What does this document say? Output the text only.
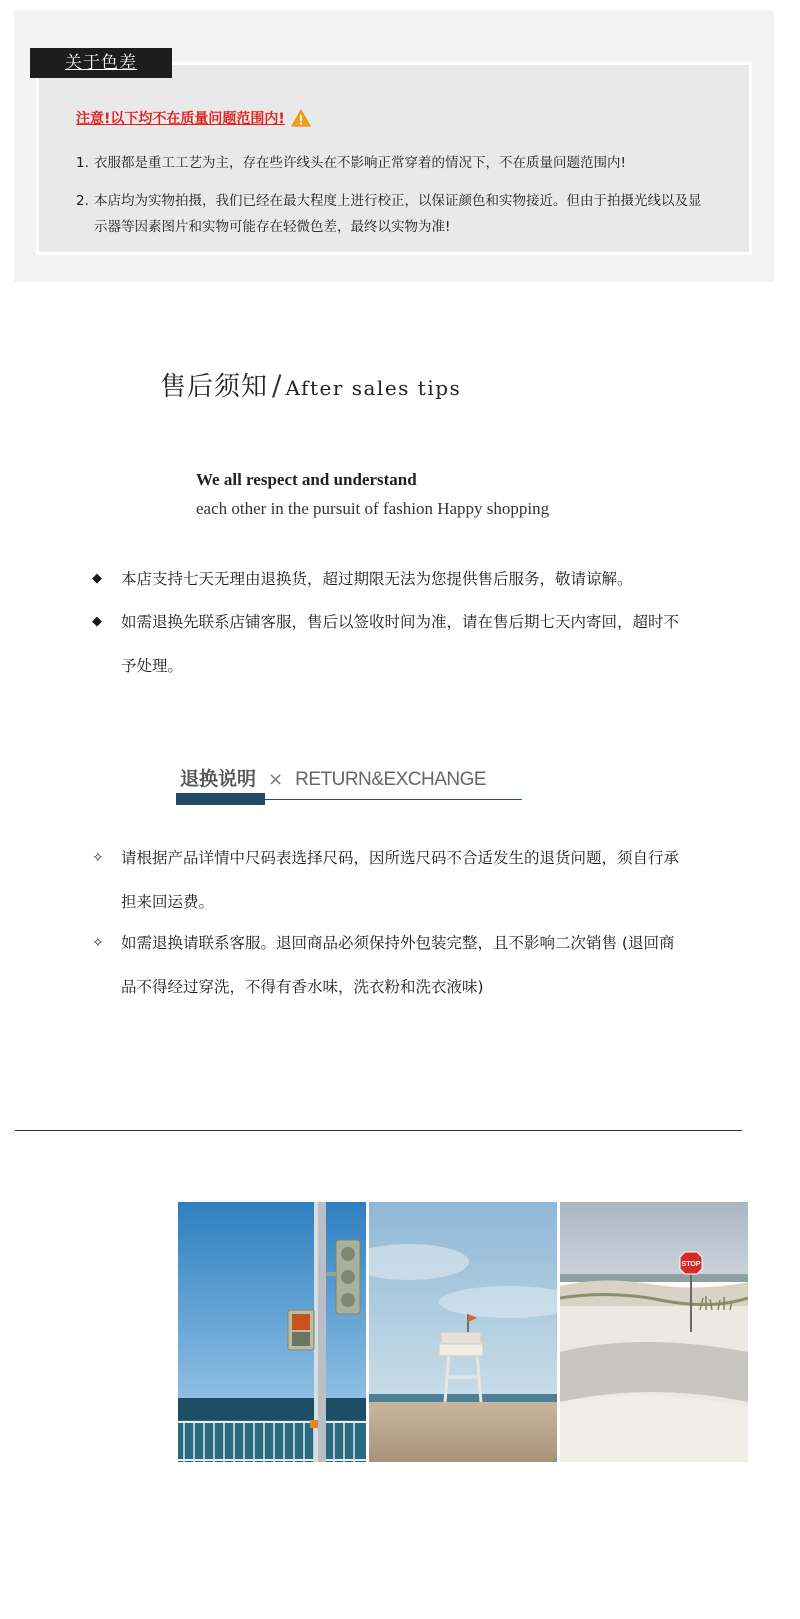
关于色差
注意!以下均不在质量问题范围内!
1. 衣服都是重工工艺为主，存在些许线头在不影响正常穿着的情况下，不在质量问题范围内!
2. 本店均为实物拍摄，我们已经在最大程度上进行校正，以保证颜色和实物接近。但由于拍摄光线以及显示器等因素图片和实物可能存在轻微色差，最终以实物为准!
售后须知 / After sales tips
We all respect and understand
each other in the pursuit of fashion Happy shopping
◆	本店支持七天无理由退换货，超过期限无法为您提供售后服务，敬请谅解。
◆	如需退换先联系店铺客服，售后以签收时间为准，请在售后期七天内寄回，超时不予处理。
退换说明 × RETURN&EXCHANGE
✧	请根据产品详情中尺码表选择尺码，因所选尺码不合适发生的退货问题，须自行承担来回运费。
✧	如需退换请联系客服。退回商品必须保持外包装完整，且不影响二次销售 (退回商品不得经过穿洗，不得有香水味，洗衣粉和洗衣液味)
STOP
